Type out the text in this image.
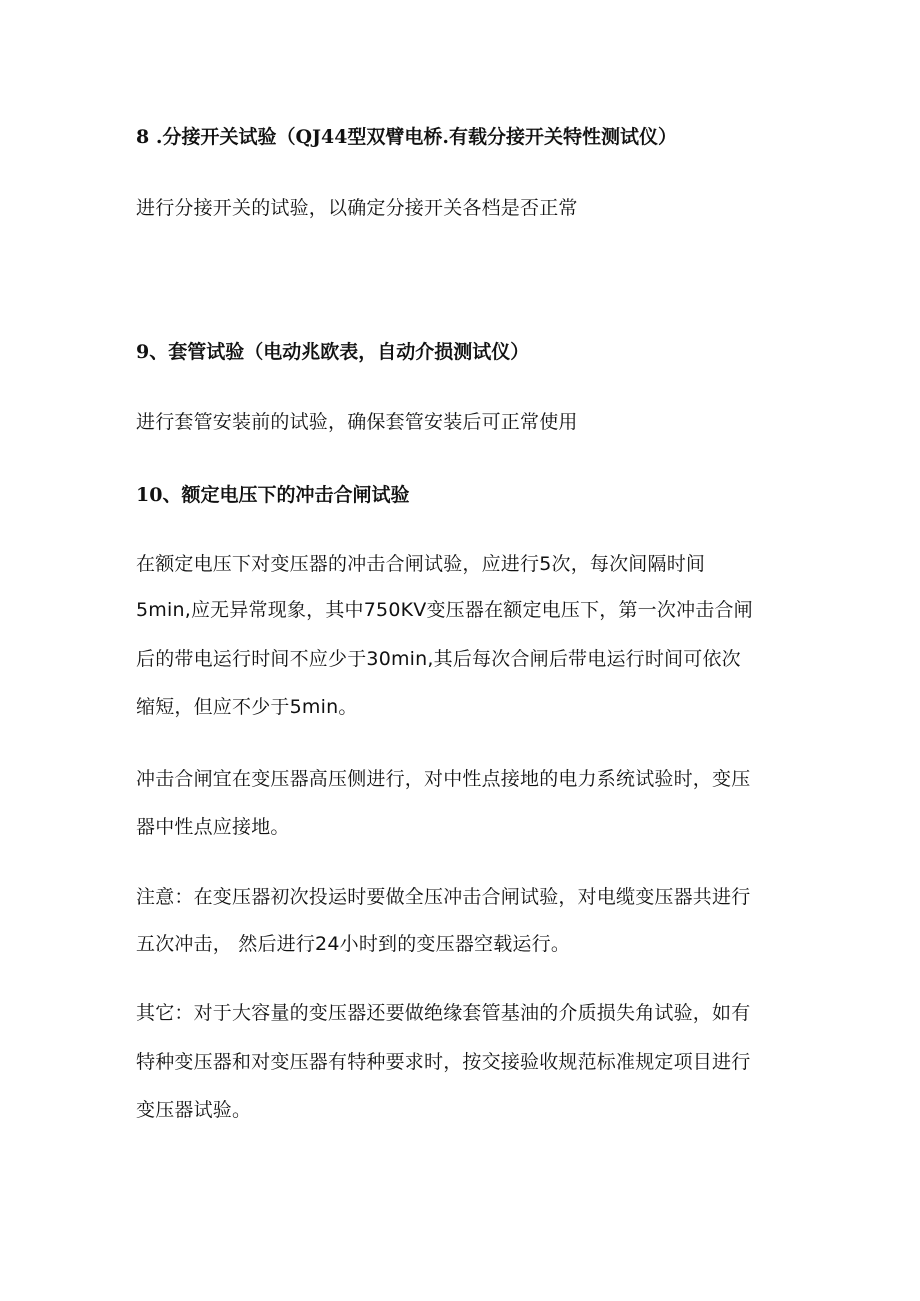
8 .分接开关试验（QJ44型双臂电桥.有载分接开关特性测试仪）
进行分接开关的试验，以确定分接开关各档是否正常
9、套管试验（电动兆欧表，自动介损测试仪）
进行套管安装前的试验，确保套管安装后可正常使用
10、额定电压下的冲击合闸试验
在额定电压下对变压器的冲击合闸试验，应进行5次，每次间隔时间
5min,应无异常现象，其中750KV变压器在额定电压下，第一次冲击合闸
后的带电运行时间不应少于30min,其后每次合闸后带电运行时间可依次
缩短，但应不少于5min。
冲击合闸宜在变压器高压侧进行，对中性点接地的电力系统试验时，变压
器中性点应接地。
注意：在变压器初次投运时要做全压冲击合闸试验，对电缆变压器共进行
五次冲击， 然后进行24小时到的变压器空载运行。
其它：对于大容量的变压器还要做绝缘套管基油的介质损失角试验，如有
特种变压器和对变压器有特种要求时，按交接验收规范标准规定项目进行
变压器试验。
